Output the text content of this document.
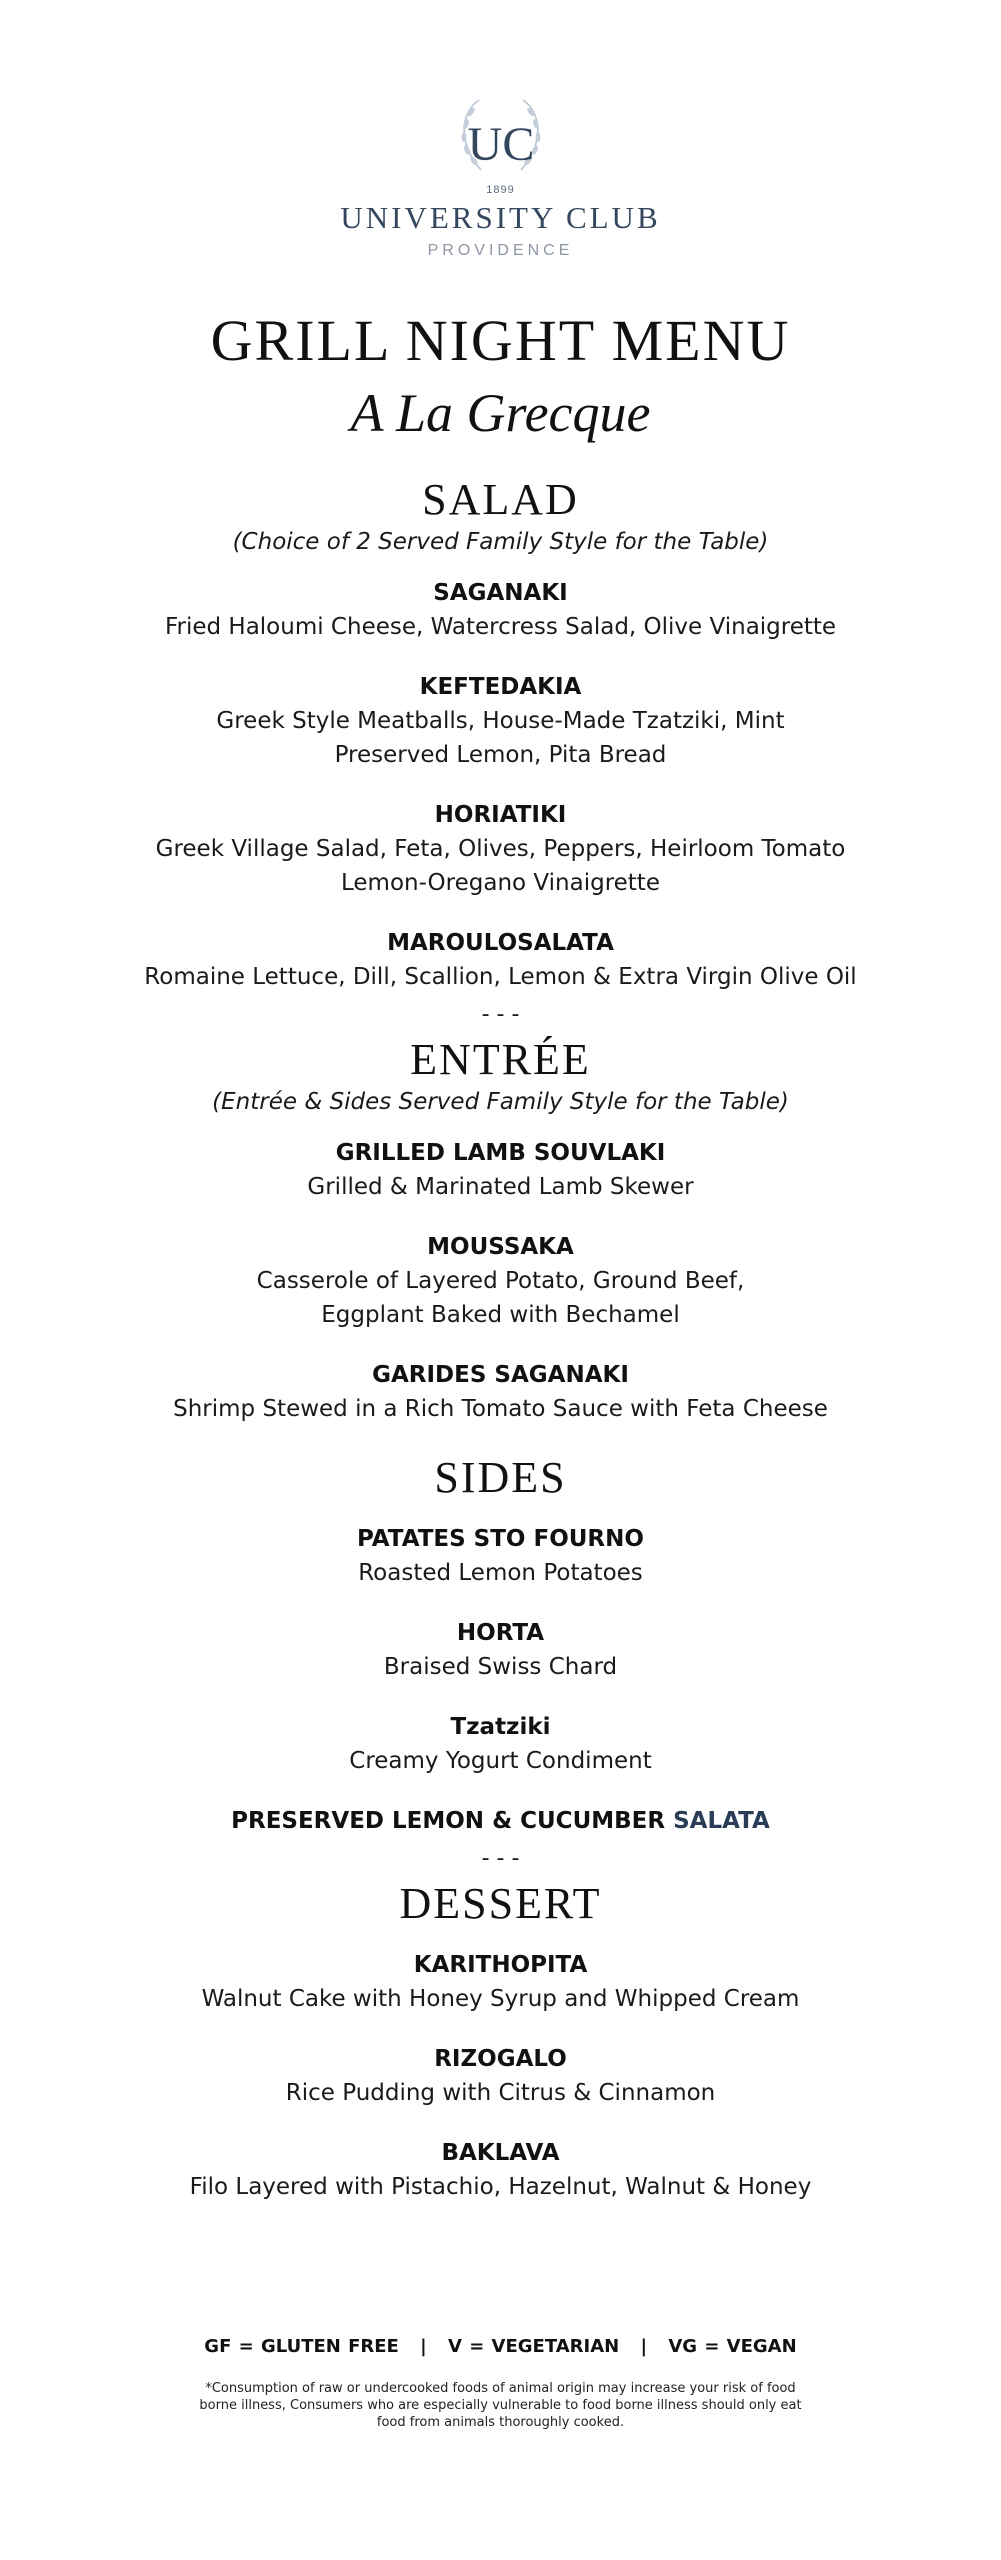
UC
1899
UNIVERSITY CLUB
PROVIDENCE
GRILL NIGHT MENU
A La Grecque
SALAD
(Choice of 2 Served Family Style for the Table)
SAGANAKI
Fried Haloumi Cheese, Watercress Salad, Olive Vinaigrette
KEFTEDAKIA
Greek Style Meatballs, House-Made Tzatziki, Mint
Preserved Lemon, Pita Bread
HORIATIKI
Greek Village Salad, Feta, Olives, Peppers, Heirloom Tomato
Lemon-Oregano Vinaigrette
MAROULOSALATA
Romaine Lettuce, Dill, Scallion, Lemon & Extra Virgin Olive Oil
- - -
ENTRÉE
(Entrée & Sides Served Family Style for the Table)
GRILLED LAMB SOUVLAKI
Grilled & Marinated Lamb Skewer
MOUSSAKA
Casserole of Layered Potato, Ground Beef,
Eggplant Baked with Bechamel
GARIDES SAGANAKI
Shrimp Stewed in a Rich Tomato Sauce with Feta Cheese
SIDES
PATATES STO FOURNO
Roasted Lemon Potatoes
HORTA
Braised Swiss Chard
Tzatziki
Creamy Yogurt Condiment
PRESERVED LEMON & CUCUMBER SALATA
- - -
DESSERT
KARITHOPITA
Walnut Cake with Honey Syrup and Whipped Cream
RIZOGALO
Rice Pudding with Citrus & Cinnamon
BAKLAVA
Filo Layered with Pistachio, Hazelnut, Walnut & Honey
GF = GLUTEN FREE | V = VEGETARIAN | VG = VEGAN
*Consumption of raw or undercooked foods of animal origin may increase your risk of food borne illness, Consumers who are especially vulnerable to food borne illness should only eat food from animals thoroughly cooked.
